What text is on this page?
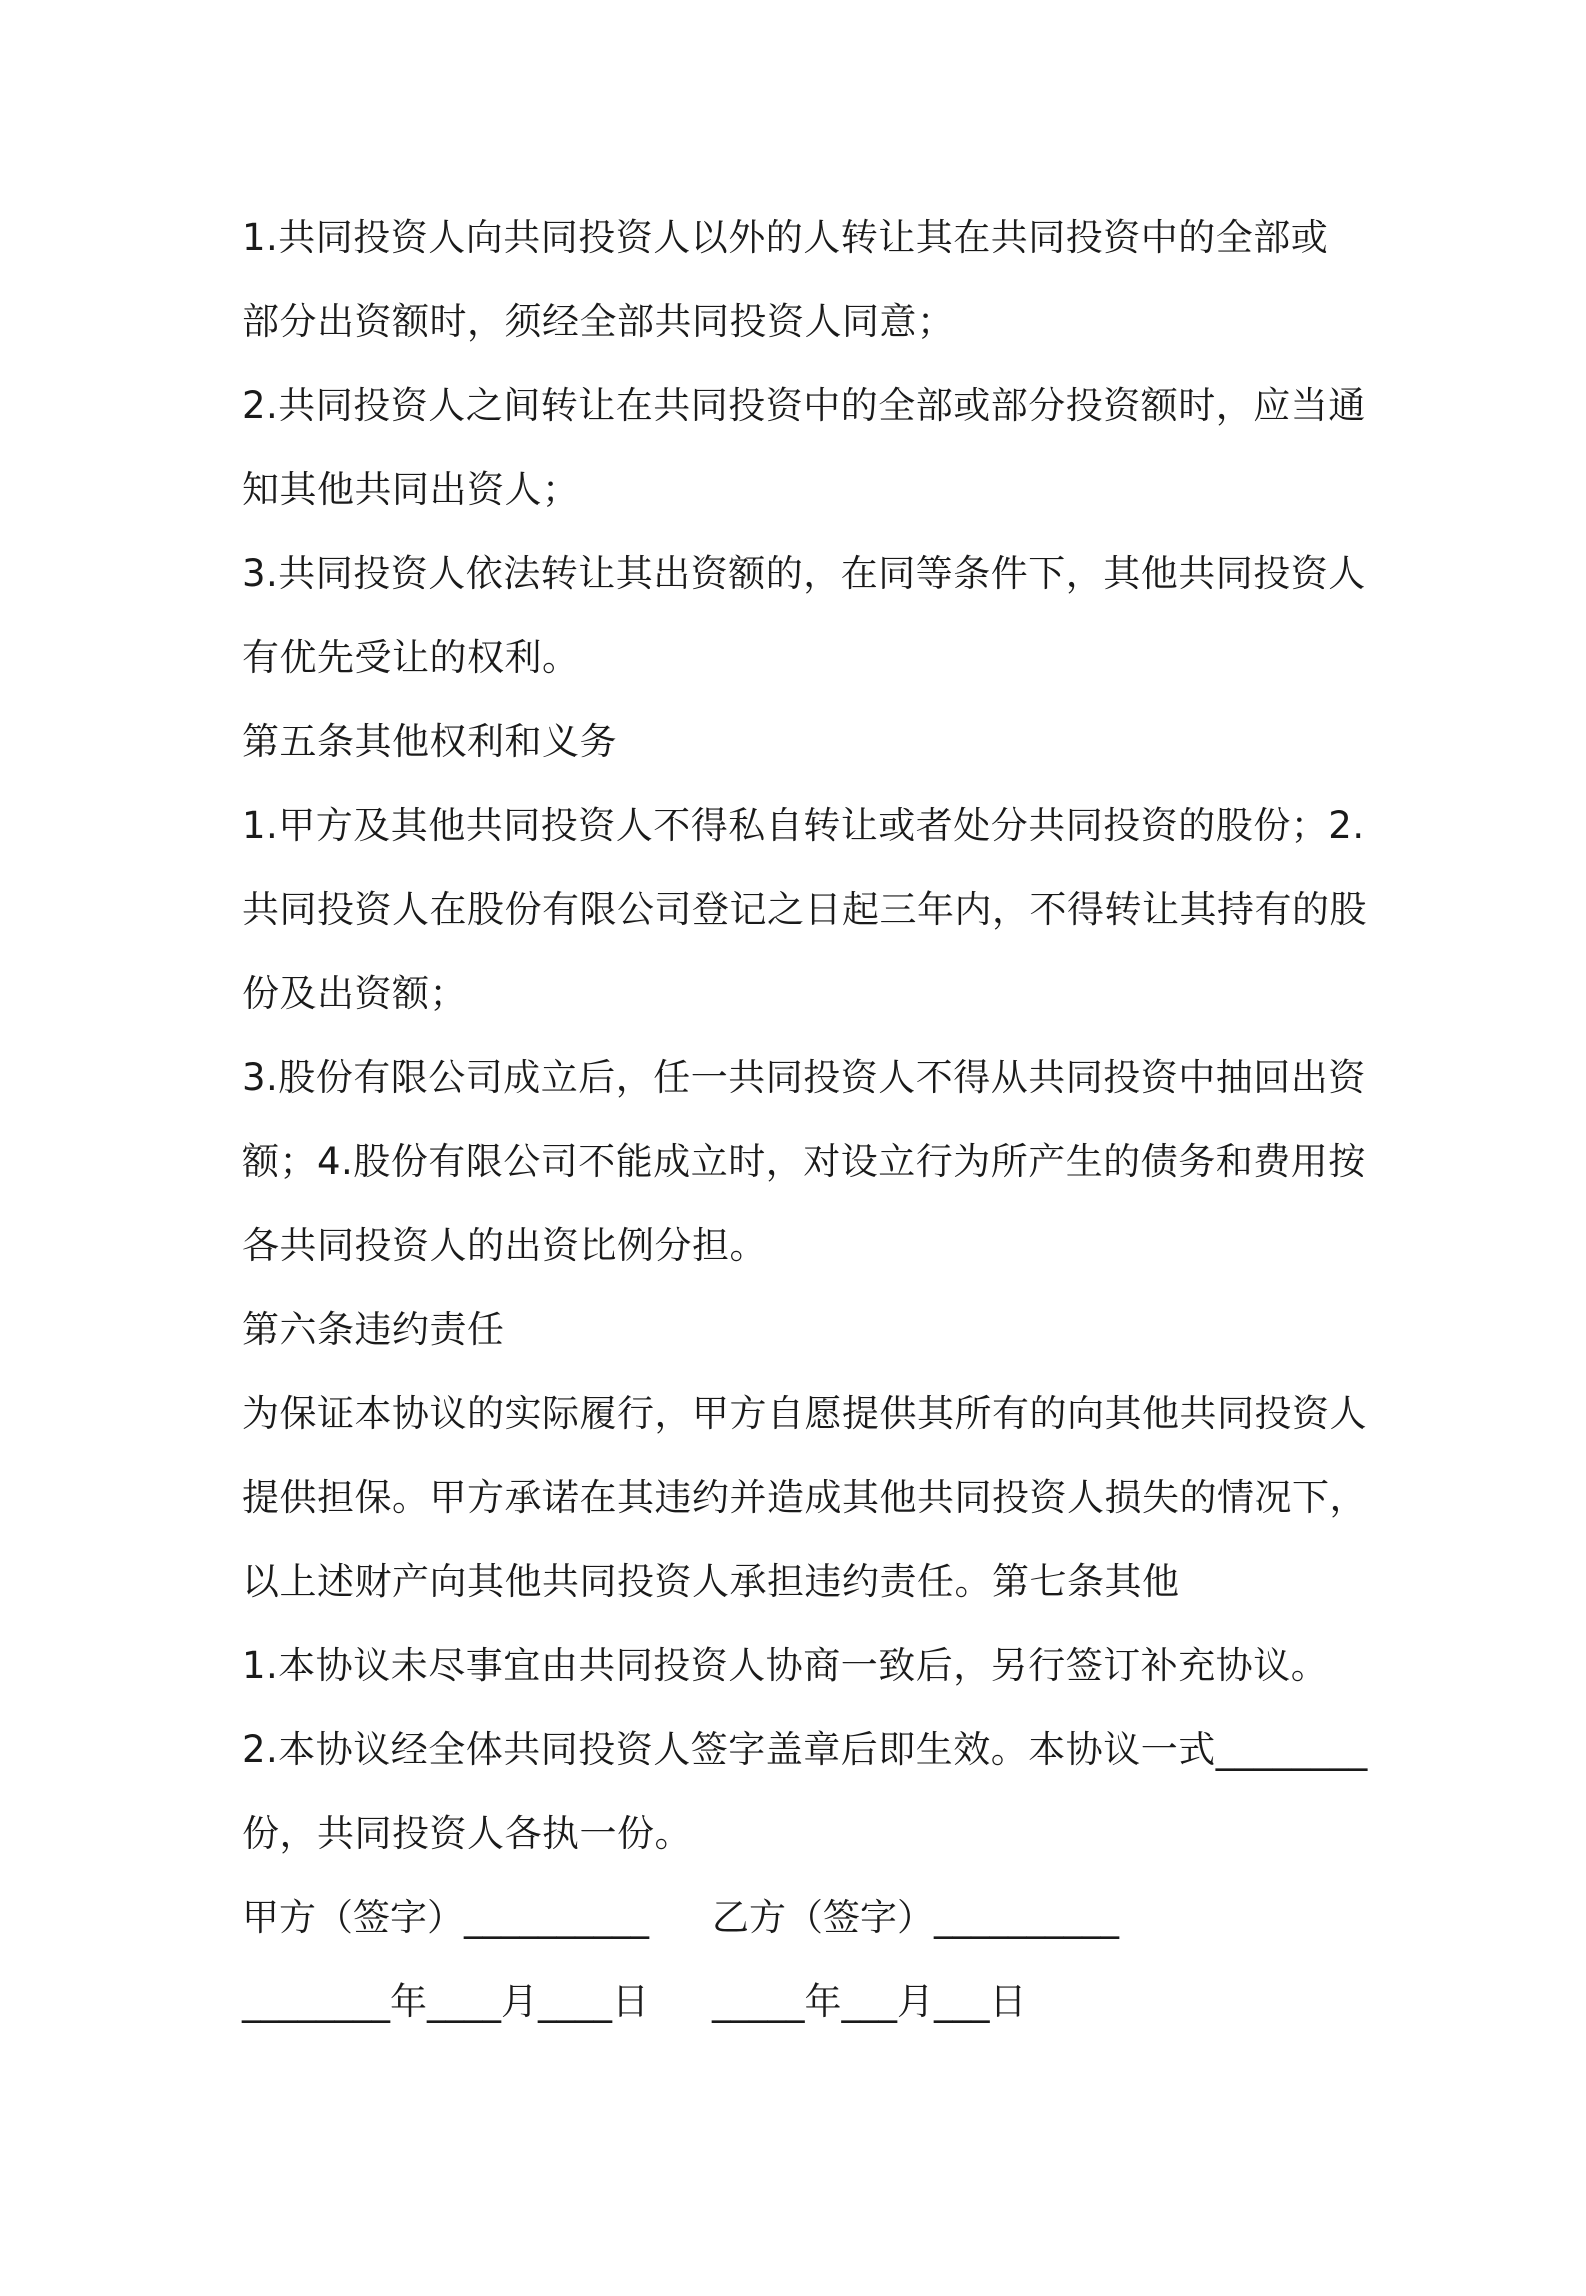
1.共同投资人向共同投资人以外的人转让其在共同投资中的全部或
部分出资额时，须经全部共同投资人同意；
2.共同投资人之间转让在共同投资中的全部或部分投资额时，应当通
知其他共同出资人；
3.共同投资人依法转让其出资额的，在同等条件下，其他共同投资人
有优先受让的权利。
第五条其他权利和义务
1.甲方及其他共同投资人不得私自转让或者处分共同投资的股份；2.
共同投资人在股份有限公司登记之日起三年内，不得转让其持有的股
份及出资额；
3.股份有限公司成立后，任一共同投资人不得从共同投资中抽回出资
额；4.股份有限公司不能成立时，对设立行为所产生的债务和费用按
各共同投资人的出资比例分担。
第六条违约责任
为保证本协议的实际履行，甲方自愿提供其所有的向其他共同投资人
提供担保。甲方承诺在其违约并造成其他共同投资人损失的情况下，
以上述财产向其他共同投资人承担违约责任。第七条其他
1.本协议未尽事宜由共同投资人协商一致后，另行签订补充协议。
2.本协议经全体共同投资人签字盖章后即生效。本协议一式________
份，共同投资人各执一份。

甲方（签字）__________

乙方（签字）__________

________年____月____日

_____年___月___日
